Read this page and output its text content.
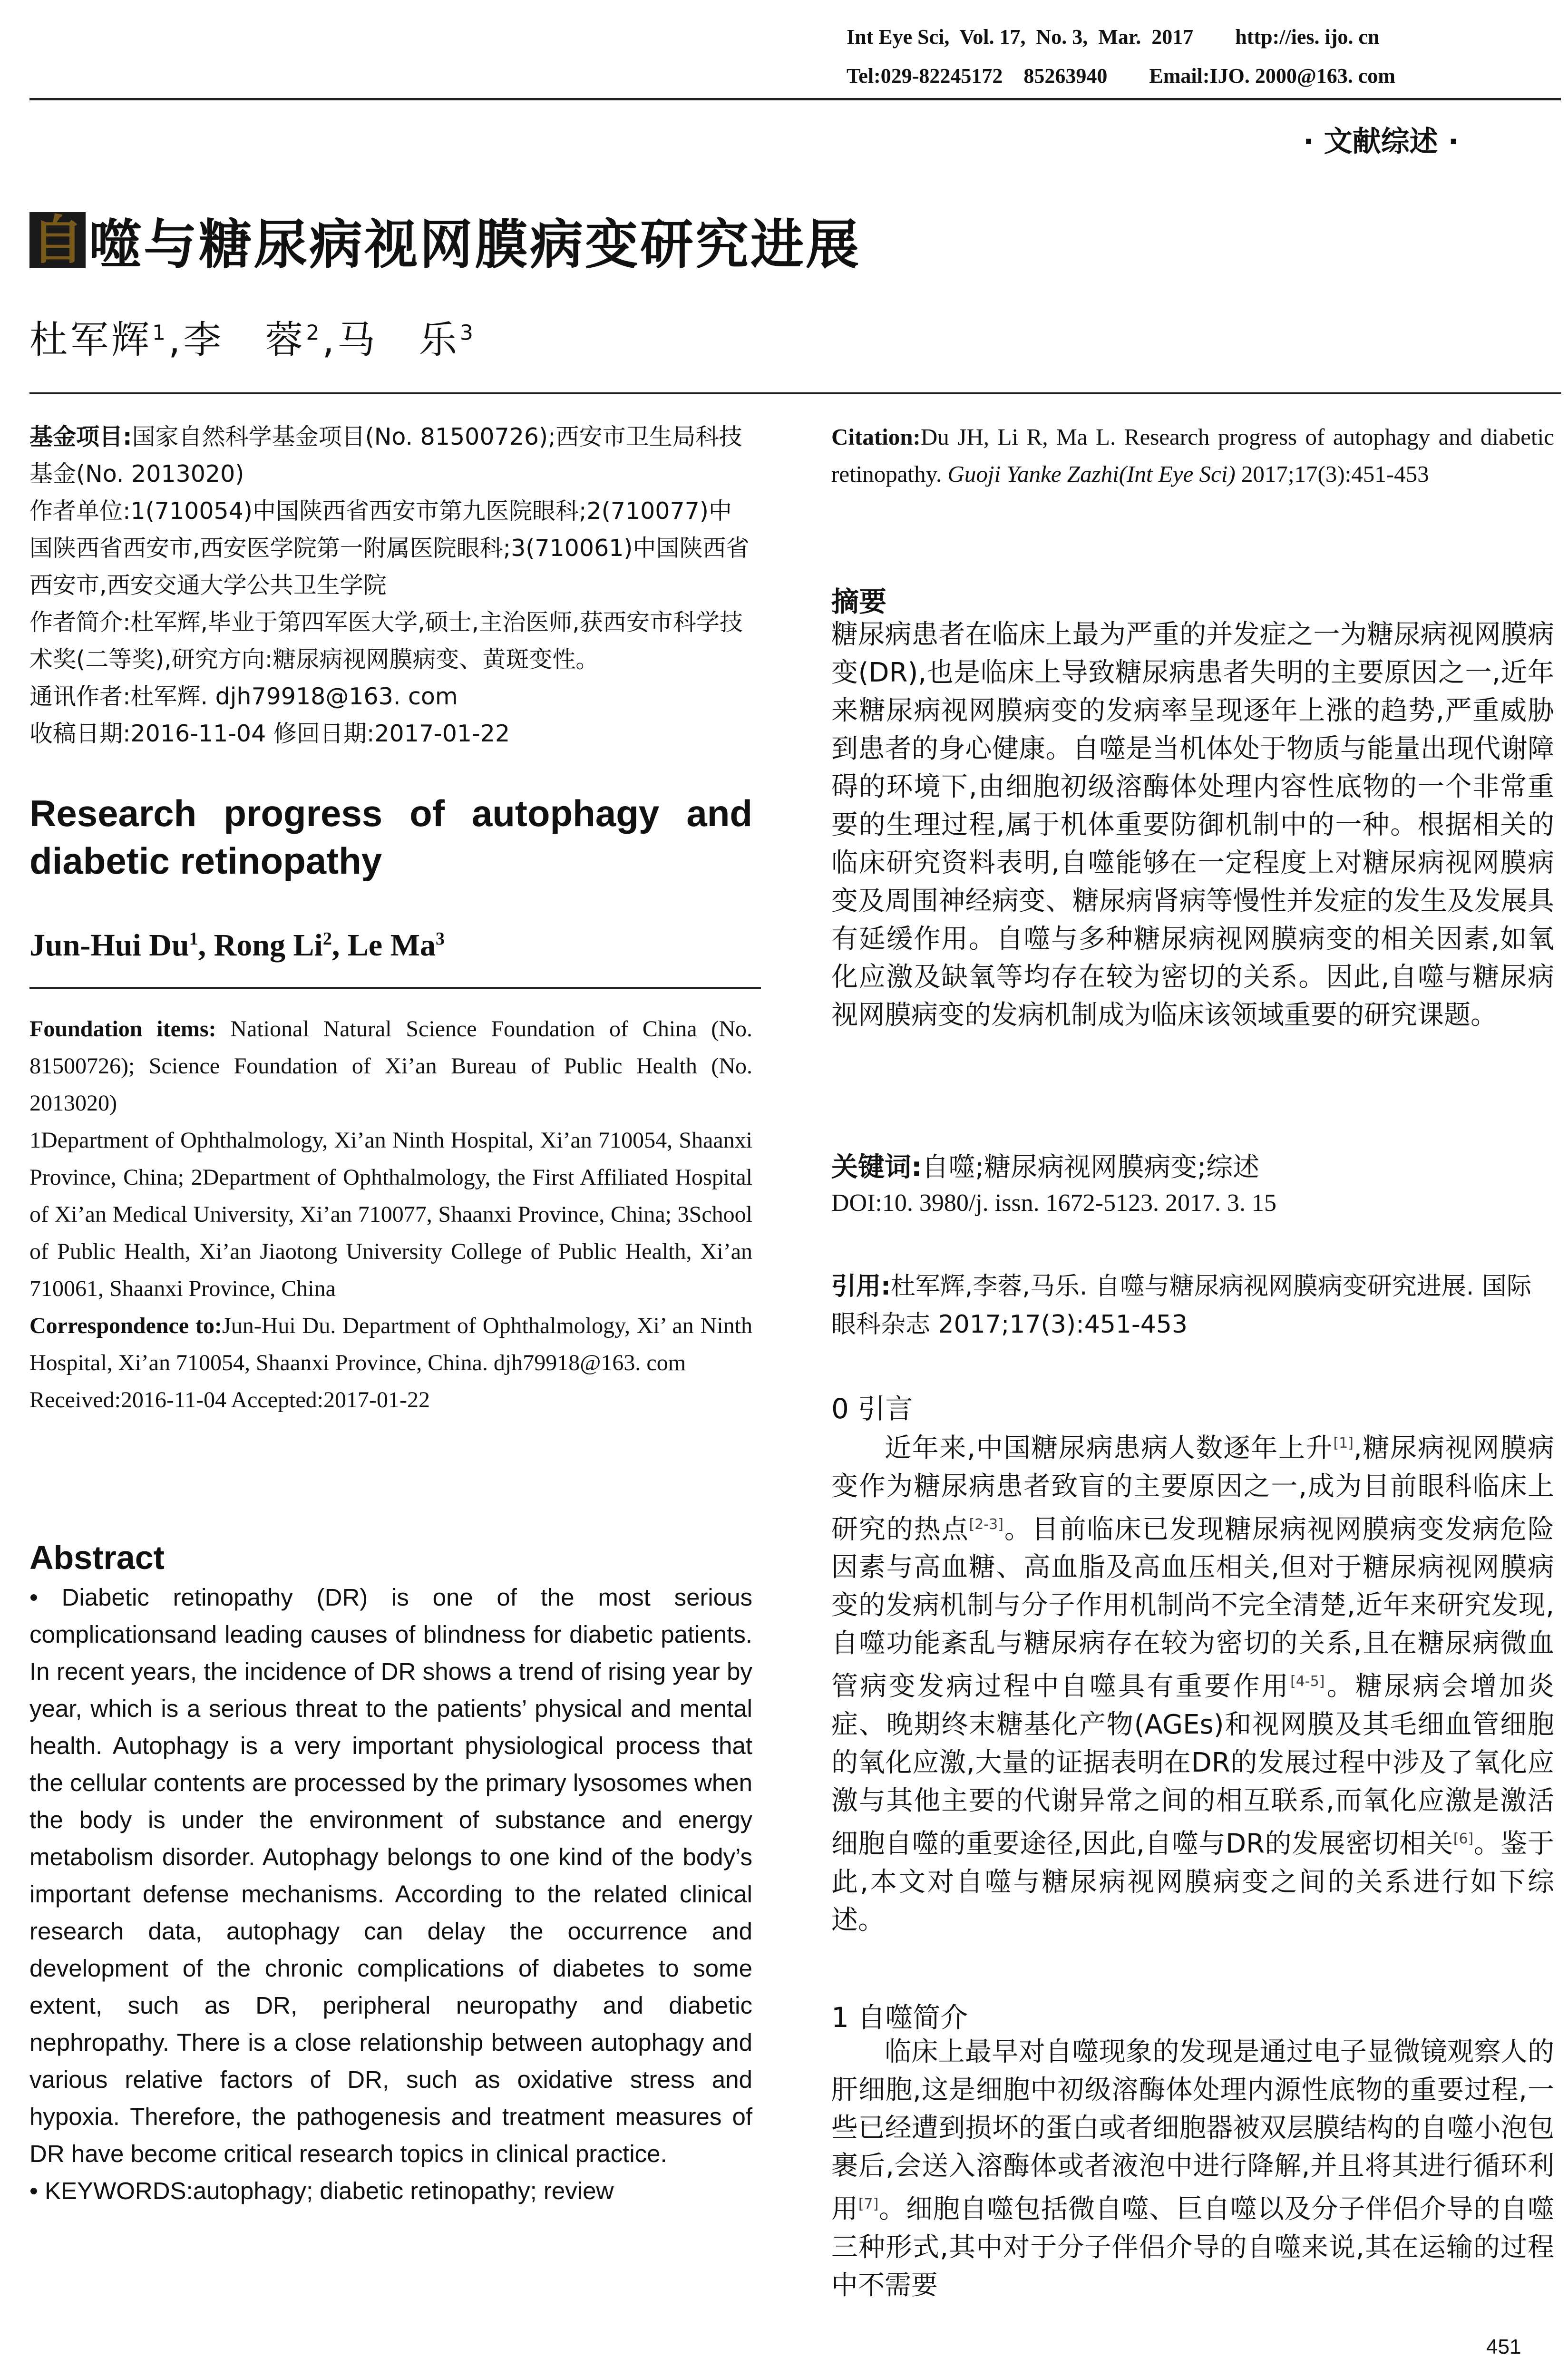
Int Eye Sci,  Vol. 17,  No. 3,  Mar.  2017        http://ies. ijo. cn
Tel:029-82245172    85263940        Email:IJO. 2000@163. com
· 文献综述 ·
自 噬与糖尿病视网膜病变研究进展
杜军辉$^1$,李　蓉$^2$,马　乐$^3$

基金项目:国家自然科学基金项目(No. 81500726);西安市卫生局科技基金(No. 2013020)

作者单位:1(710054)中国陕西省西安市第九医院眼科;2(710077)中国陕西省西安市,西安医学院第一附属医院眼科;3(710061)中国陕西省西安市,西安交通大学公共卫生学院

作者简介:杜军辉,毕业于第四军医大学,硕士,主治医师,获西安市科学技术奖(二等奖),研究方向:糖尿病视网膜病变、黄斑变性。

通讯作者:杜军辉. djh79918@163. com

收稿日期:2016-11-04 修回日期:2017-01-22

Research progress of autophagy and diabetic retinopathy
Jun-Hui Du$^1$, Rong Li$^2$, Le Ma$^3$

Foundation items: National Natural Science Foundation of China (No. 81500726); Science Foundation of Xi’an Bureau of Public Health (No. 2013020)

1Department of Ophthalmology, Xi’an Ninth Hospital, Xi’an 710054, Shaanxi Province, China; 2Department of Ophthalmology, the First Affiliated Hospital of Xi’an Medical University, Xi’an 710077, Shaanxi Province, China; 3School of Public Health, Xi’an Jiaotong University College of Public Health, Xi’an 710061, Shaanxi Province, China

Correspondence to:Jun-Hui Du. Department of Ophthalmology, Xi’ an Ninth Hospital, Xi’an 710054, Shaanxi Province, China. djh79918@163. com

Received:2016-11-04 Accepted:2017-01-22

Abstract

• Diabetic retinopathy (DR) is one of the most serious complicationsand leading causes of blindness for diabetic patients. In recent years, the incidence of DR shows a trend of rising year by year, which is a serious threat to the patients’ physical and mental health. Autophagy is a very important physiological process that the cellular contents are processed by the primary lysosomes when the body is under the environment of substance and energy metabolism disorder. Autophagy belongs to one kind of the body’s important defense mechanisms. According to the related clinical research data, autophagy can delay the occurrence and development of the chronic complications of diabetes to some extent, such as DR, peripheral neuropathy and diabetic nephropathy. There is a close relationship between autophagy and various relative factors of DR, such as oxidative stress and hypoxia. Therefore, the pathogenesis and treatment measures of DR have become critical research topics in clinical practice.

• KEYWORDS:autophagy; diabetic retinopathy; review

Citation:Du JH, Li R, Ma L. Research progress of autophagy and diabetic retinopathy. Guoji Yanke Zazhi(Int Eye Sci) 2017;17(3):451-453
摘要
糖尿病患者在临床上最为严重的并发症之一为糖尿病视网膜病变(DR),也是临床上导致糖尿病患者失明的主要原因之一,近年来糖尿病视网膜病变的发病率呈现逐年上涨的趋势,严重威胁到患者的身心健康。自噬是当机体处于物质与能量出现代谢障碍的环境下,由细胞初级溶酶体处理内容性底物的一个非常重要的生理过程,属于机体重要防御机制中的一种。根据相关的临床研究资料表明,自噬能够在一定程度上对糖尿病视网膜病变及周围神经病变、糖尿病肾病等慢性并发症的发生及发展具有延缓作用。自噬与多种糖尿病视网膜病变的相关因素,如氧化应激及缺氧等均存在较为密切的关系。因此,自噬与糖尿病视网膜病变的发病机制成为临床该领域重要的研究课题。
关键词:自噬;糖尿病视网膜病变;综述
DOI:10. 3980/j. issn. 1672-5123. 2017. 3. 15
引用:杜军辉,李蓉,马乐. 自噬与糖尿病视网膜病变研究进展. 国际眼科杂志 2017;17(3):451-453
0 引言
近年来,中国糖尿病患病人数逐年上升[1],糖尿病视网膜病变作为糖尿病患者致盲的主要原因之一,成为目前眼科临床上研究的热点[2-3]。目前临床已发现糖尿病视网膜病变发病危险因素与高血糖、高血脂及高血压相关,但对于糖尿病视网膜病变的发病机制与分子作用机制尚不完全清楚,近年来研究发现,自噬功能紊乱与糖尿病存在较为密切的关系,且在糖尿病微血管病变发病过程中自噬具有重要作用[4-5]。糖尿病会增加炎症、晚期终末糖基化产物(AGEs)和视网膜及其毛细血管细胞的氧化应激,大量的证据表明在DR的发展过程中涉及了氧化应激与其他主要的代谢异常之间的相互联系,而氧化应激是激活细胞自噬的重要途径,因此,自噬与DR的发展密切相关[6]。鉴于此,本文对自噬与糖尿病视网膜病变之间的关系进行如下综述。
1 自噬简介
临床上最早对自噬现象的发现是通过电子显微镜观察人的肝细胞,这是细胞中初级溶酶体处理内源性底物的重要过程,一些已经遭到损坏的蛋白或者细胞器被双层膜结构的自噬小泡包裹后,会送入溶酶体或者液泡中进行降解,并且将其进行循环利用[7]。细胞自噬包括微自噬、巨自噬以及分子伴侣介导的自噬三种形式,其中对于分子伴侣介导的自噬来说,其在运输的过程中不需要
451
